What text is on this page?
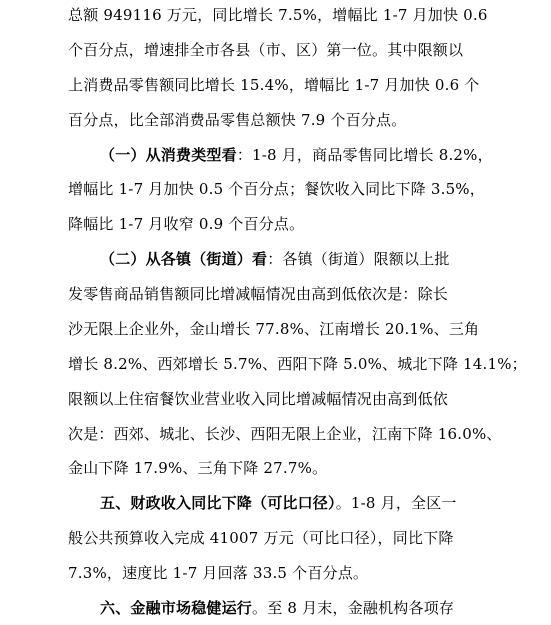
总额 949116 万元，同比增长 7.5%，增幅比 1-7 月加快 0.6
个百分点，增速排全市各县（市、区）第一位。其中限额以
上消费品零售额同比增长 15.4%，增幅比 1-7 月加快 0.6 个
百分点，比全部消费品零售总额快 7.9 个百分点。
（一）从消费类型看：1-8 月，商品零售同比增长 8.2%，
增幅比 1-7 月加快 0.5 个百分点；餐饮收入同比下降 3.5%，
降幅比 1-7 月收窄 0.9 个百分点。
（二）从各镇（街道）看：各镇（街道）限额以上批
发零售商品销售额同比增减幅情况由高到低依次是：除长
沙无限上企业外，金山增长 77.8%、江南增长 20.1%、三角
增长 8.2%、西郊增长 5.7%、西阳下降 5.0%、城北下降 14.1%；
限额以上住宿餐饮业营业收入同比增减幅情况由高到低依
次是：西郊、城北、长沙、西阳无限上企业，江南下降 16.0%、
金山下降 17.9%、三角下降 27.7%。
五、财政收入同比下降（可比口径）。1-8 月，全区一
般公共预算收入完成 41007 万元（可比口径），同比下降
7.3%，速度比 1-7 月回落 33.5 个百分点。
六、金融市场稳健运行。至 8 月末，金融机构各项存
